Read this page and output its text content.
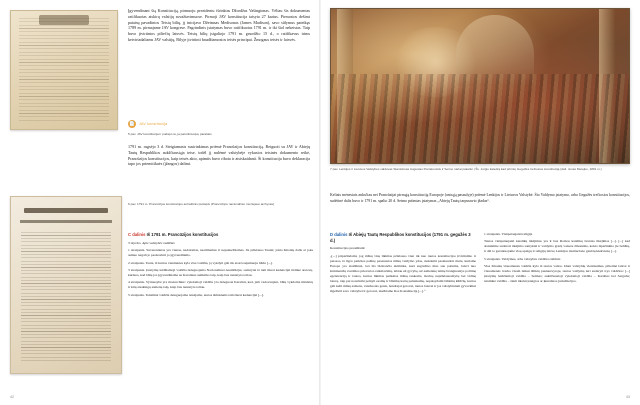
Įgyvendinant šią Konstituciją, pirmuoju prezidentu išrinktas Džordžas Vašingtonas. Vėliau šis dokumentas ratifikuotas atskirų valstijų suvažiavimuose. Pirmoji JAV konstitucija taisyta 27 kartus. Pirmosios dešimt pataisų pavadintos Teisių bilių, jį inicijavo Džeimsas Medisonas (James Madison), savo sūlymus pateikęs 1789 m. pirmajame JAV kongrese. Pagrindinis įstatymas buvo ratifikuotas 1791 m. ir iki šiol nekeistas. Taip buvo įtvirtintos piliečių laisvės. Teisių bilių įsigaliojo 1791 m. gruodžio 15 d., o ratifikavus trims ketvirtadaliams JAV valstijų, Bilyje įtvirtinti baudžiamosios teisės principai. Žmogaus teisės ir laisvės.

📄	JAV konstitucija
5 pav. JAV konstitucija ir pudapo ia, ja paturitinusįuų parašais

1791 m. rugsėjo 3 d. Steigiamasis susirinkimas priėmė Prancūzijos konstituciją. Reiguoti su JAV ir Abiejų Tautų Respublikos aukščiausiąja teise, todėl jį nulėmė valstybėje vykusios teisinės dokumento reikė, Prancūzijos konstitucijos, kaip teisės akto, apimtis buvo ribota ir atsiskaidanti. Ši konstitucija buvo deklaracija tapo jos priemitikuės (įžangos) dalimi.

6 pav. 1791 m. Prancūzijos konstitucijos antraštinis puslapis (Prancūzijos nacionalinio muziejaus archyvas)
C dalinis Iš 1791 m. Prancūzijos konstitucijos

3 skyrius. Apie valstybės valdžias

1 straipsnis. Suverenitetas yra vienas, nedalomas, neatimamas ir nepaskelbiamas. Jis priklauso Tautai; jokia žmonių dalis ar joks asmuo negali jo pasisavinti jo įgyvendinimo.

2 straipsnis. Tauta, iš kurios vieninteles kyla visa valdžia, ją vykdyti gali tik atstovaujamuoju būdu [...].

3 straipsnis. Įstatymų leidžiamoji valdžia deleguojama Nacionalinei Asamblėjai, sudarytai iš tam tikrai kadencijai išrinkė atstovų, kuriuos, kad būtų jos įgyvendinama su Karaliaus sutikimo taip, kaip bus nustatyta toliau.

4 straipsnis. Vyriausybė yra monarchinė: vykdomoji valdžia yra deleguota Karaliui, kad, jam vadovaujant, būtų vykdoma ministrų ir kitų atsakingų asmenų taip, kaip bus nustatyta toliau.

5 straipsnis. Teisminė valdžia deleguojama teisėjams, tautos išrinkiems tam tikrai kadencijai [...].

42	43
7 pav. Lenkijos ir Lietuvos Valstybės valdovas Stanislovas Augustas Poniatovskis ir Seimo nariai pakeliui į Šv. Jurgio katedrą kad priimtų Gegužės trečiosios konstituciją (dail. Jonas Metejko, 1891 m.)
Keliais mėnesiais anksčiau nei Prancūzijai pirmąją konstituciją Europoje (antrąją pasaulyje) priėmė Lenkijos ir Lietuvos Valstybė. Šio Valdymo įstatymo, arba Gegužės trečiosios konstitucijos, sudėtinė dalis buvo ir 1791 m. spalio 20 d. Seimo priimtas įstatymas „Abiejų Tautų tarpusavio įžadas“.
D dalinis Iš Abiejų Tautų Respublikos konstitucijos (1791 m. gegužės 3 d.)

Konstitucijos preambulė:

„[...] pripažindami, jog mūsų visų likimas priklauso vien tik nuo tautos konstitucijos įtvirtinimo ir patasos, iš ilgos patirties pažinę pasenusios mūsų valdymo ydas, siekdami pasinaudoti metu, kuriame Europa yra atsidūrusi, bei šia blėstančia akimirka, kuri sugražino mus sau patiems, laisvi nuo žeminančių svetimos prievartos raikalavimų, labiau už gyvybę, už asmeninę laimę branginantys politinę egzistenciją ir tautos, kurios likimas patikėtas mūsų rankoms, išorinę nepriklausomybę bei vidinę laisvę, taip pat norėdami pelnyti esamų ir būsimų kartų palankumą, nepaisydami būsimų kliūčių, kurios gali kelti mūsų asmens, vaizduotės genis, bendrajai gerovei, tautos laisvei ir jos valstybiniam gyvavimui išgelbėti savo valstybei ir gerovei, skelbiame šios Konstituciją [...].“

1 straipsnis. Viešpataujanti religija

Tautos viešpataujanti katalikų tikėjimas yra ir bus Romos katalikų šventas tikėjimas [...]. [...] kad atsiuntime sudaroti tikėjimo santykiai ir valdymo gražą vaisere žmonėms, kokio išpažinimo jie bebūtų, ir dėl to garantuojame visų apeigų ir religijų laisvę Lenkijos instituciano gaubtų kiekvieną [...].

5 straipsnis. Valdymas, arba valstybės valdžios šaltinis

Visa žmonių visuomenės valdžia kyla iš tautos valios. Idant valstybių vientisumas, pilietinė laisvė ir visuomenės tvarka visam laikui išliktų pusiausvyroje, tautos valdymą turi sudaryti trys valdžios: [...] įstatymų leidžiamoji valdžia – Seimas; aukščiausioji vykdomoji valdžia – Karalius bei Sarguba; teisminė valdžia – šiam tikslui įsteigtos ar įkurstinos jurisdikcijos.
